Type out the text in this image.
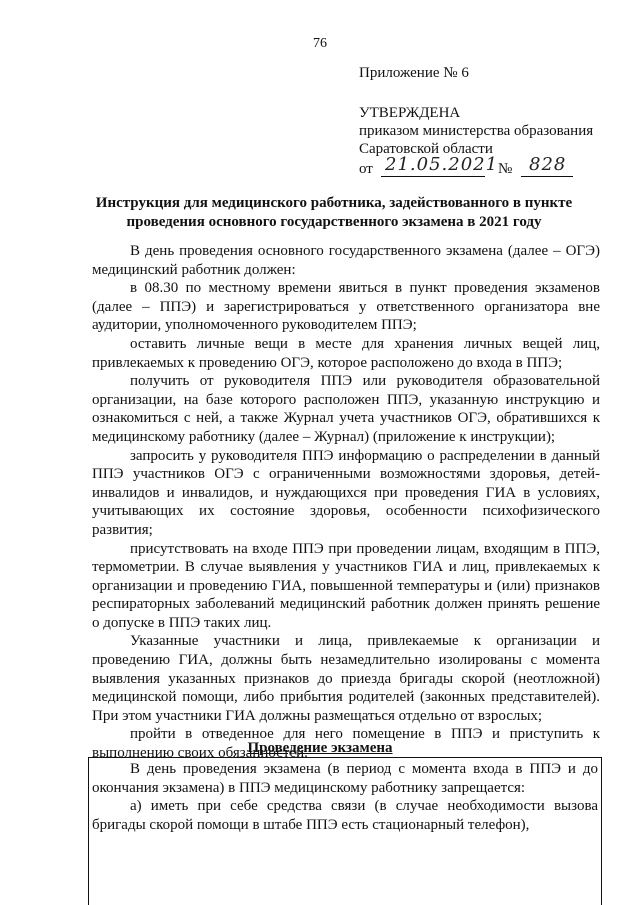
76
Приложение № 6
УТВЕРЖДЕНА
приказом министерства образования
Саратовской области
от 21.05.2021 № 828
Инструкция для медицинского работника, задействованного в пункте
проведения основного государственного экзамена в 2021 году

В день проведения основного государственного экзамена (далее – ОГЭ) медицинский работник должен:

в 08.30 по местному времени явиться в пункт проведения экзаменов (далее – ППЭ) и зарегистрироваться у ответственного организатора вне аудитории, уполномоченного руководителем ППЭ;

оставить личные вещи в месте для хранения личных вещей лиц, привлекаемых к проведению ОГЭ, которое расположено до входа в ППЭ;

получить от руководителя ППЭ или руководителя образовательной организации, на базе которого расположен ППЭ, указанную инструкцию и ознакомиться с ней, а также Журнал учета участников ОГЭ, обратившихся к медицинскому работнику (далее – Журнал) (приложение к инструкции);

запросить у руководителя ППЭ информацию о распределении в данный ППЭ участников ОГЭ с ограниченными возможностями здоровья, детей-инвалидов и инвалидов, и нуждающихся при проведения ГИА в условиях, учитывающих их состояние здоровья, особенности психофизического развития;

присутствовать на входе ППЭ при проведении лицам, входящим в ППЭ, термометрии. В случае выявления у участников ГИА и лиц, привлекаемых к организации и проведению ГИА, повышенной температуры и (или) признаков респираторных заболеваний медицинский работник должен принять решение о допуске в ППЭ таких лиц.

Указанные участники и лица, привлекаемые к организации и проведению ГИА, должны быть незамедлительно изолированы с момента выявления указанных признаков до приезда бригады скорой (неотложной) медицинской помощи, либо прибытия родителей (законных представителей). При этом участники ГИА должны размещаться отдельно от взрослых;

пройти в отведенное для него помещение в ППЭ и приступить к выполнению своих обязанностей.

Проведение экзамена

В день проведения экзамена (в период с момента входа в ППЭ и до окончания экзамена) в ППЭ медицинскому работнику запрещается:

а) иметь при себе средства связи (в случае необходимости вызова бригады скорой помощи в штабе ППЭ есть стационарный телефон),
